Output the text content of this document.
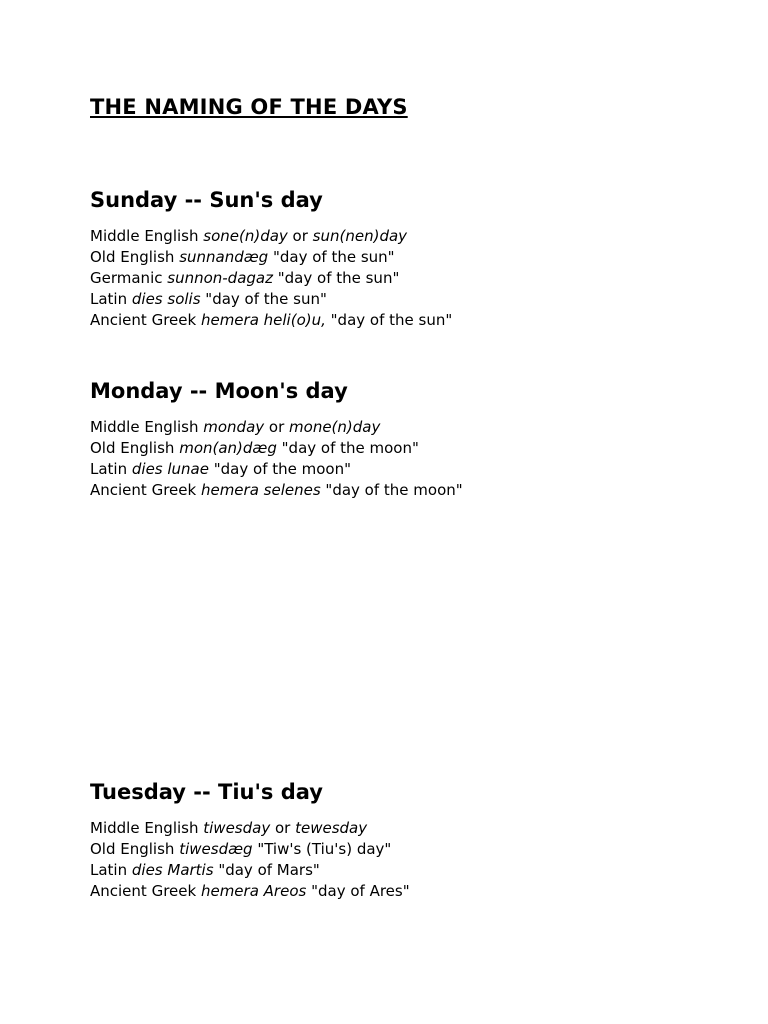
THE NAMING OF THE DAYS
Sunday -- Sun's day

Middle English sone(n)day or sun(nen)day

Old English sunnandæg "day of the sun"

Germanic sunnon-dagaz "day of the sun"

Latin dies solis "day of the sun"

Ancient Greek hemera heli(o)u, "day of the sun"

Monday -- Moon's day

Middle English monday or mone(n)day

Old English mon(an)dæg "day of the moon"

Latin dies lunae "day of the moon"

Ancient Greek hemera selenes "day of the moon"

Tuesday -- Tiu's day

Middle English tiwesday or tewesday

Old English tiwesdæg "Tiw's (Tiu's) day"

Latin dies Martis "day of Mars"

Ancient Greek hemera Areos "day of Ares"
